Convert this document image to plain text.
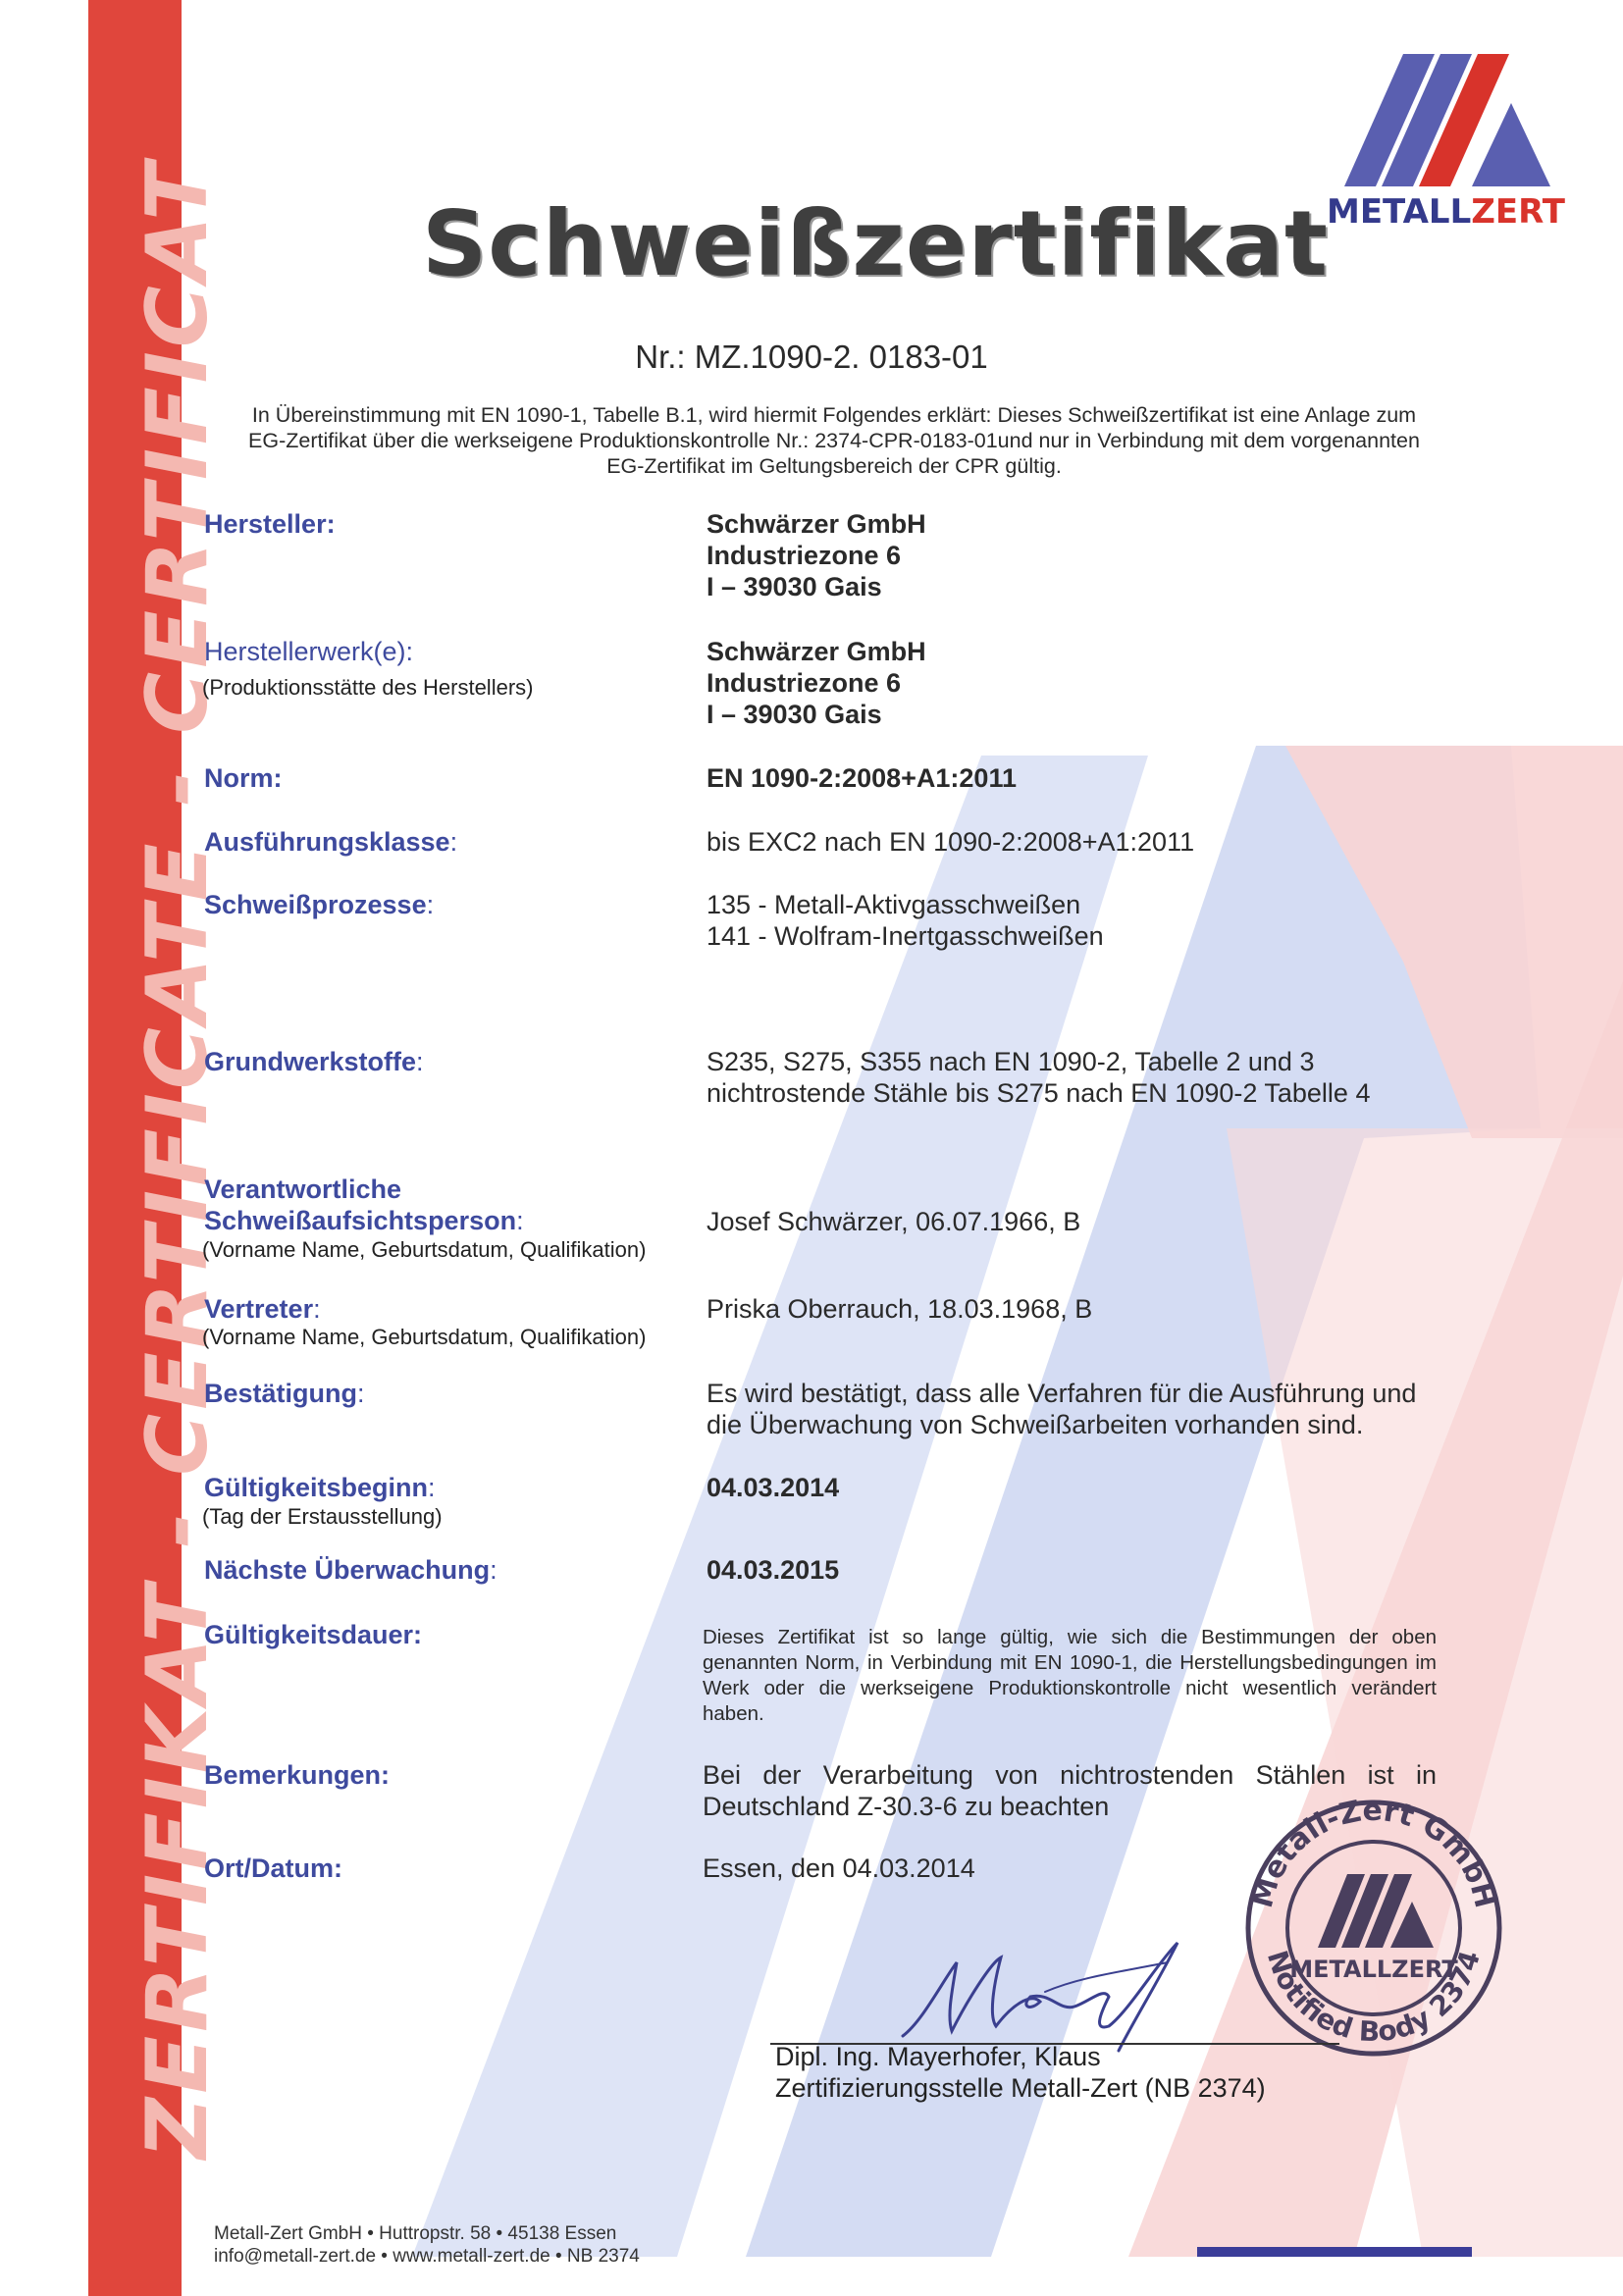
ZERTIFIKAT - CERTIFICATE - CERTIFICAT	METALLZERT
Schweißzertifikat
Nr.: MZ.1090-2. 0183-01
In Übereinstimmung mit EN 1090-1, Tabelle B.1, wird hiermit Folgendes erklärt: Dieses Schweißzertifikat ist eine Anlage zum
EG-Zertifikat über die werkseigene Produktionskontrolle Nr.: 2374-CPR-0183-01und nur in Verbindung mit dem vorgenannten
EG-Zertifikat im Geltungsbereich der CPR gültig.
Hersteller:	Schwärzer GmbH
Industriezone 6
I – 39030 Gais
Herstellerwerk(e):
(Produktionsstätte des Herstellers)
Schwärzer GmbH
Industriezone 6
I – 39030 Gais
Norm:	EN 1090-2:2008+A1:2011
Ausführungsklasse:	bis EXC2 nach EN 1090-2:2008+A1:2011
Schweißprozesse:	135 - Metall-Aktivgasschweißen
141 - Wolfram-Inertgasschweißen
Grundwerkstoffe:	S235, S275, S355 nach EN 1090-2, Tabelle 2 und 3
nichtrostende Stähle bis S275 nach EN 1090-2 Tabelle 4
Verantwortliche
Schweißaufsichtsperson:
(Vorname Name, Geburtsdatum, Qualifikation)
Josef Schwärzer, 06.07.1966, B
Vertreter:
(Vorname Name, Geburtsdatum, Qualifikation)
Priska Oberrauch, 18.03.1968, B
Bestätigung:	Es wird bestätigt, dass alle Verfahren für die Ausführung und
die Überwachung von Schweißarbeiten vorhanden sind.
Gültigkeitsbeginn:
(Tag der Erstausstellung)
04.03.2014
Nächste Überwachung:	04.03.2015
Gültigkeitsdauer:	Dieses Zertifikat ist so lange gültig, wie sich die Bestimmungen der oben genannten Norm, in Verbindung mit EN 1090-1, die Herstellungsbedingungen im Werk oder die werkseigene Produktionskontrolle nicht wesentlich verändert haben.
Bemerkungen:	Bei der Verarbeitung von nichtrostenden Stählen ist in Deutschland Z-30.3-6 zu beachten
Ort/Datum:	Essen, den 04.03.2014
Metall-Zert GmbH
Notified Body 2374
METALLZERT
Dipl. Ing. Mayerhofer, Klaus
Zertifizierungsstelle Metall-Zert (NB 2374)
Metall-Zert GmbH • Huttropstr. 58 • 45138 Essen
info@metall-zert.de • www.metall-zert.de • NB 2374
